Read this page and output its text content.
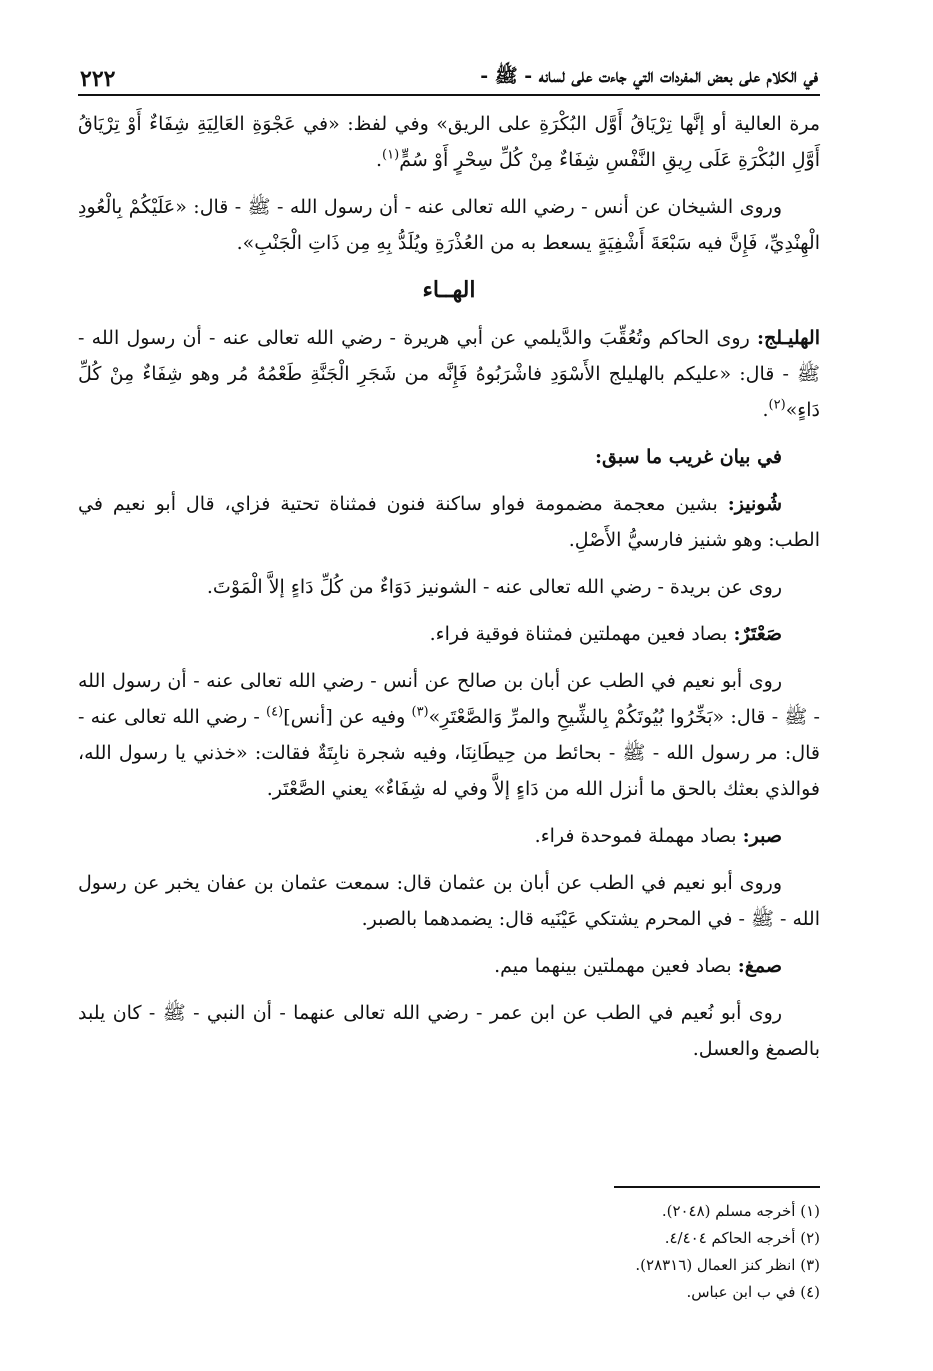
في الكلام على بعض المفردات التي جاءت على لسانه - ﷺ -
٢٢٢

مرة العالية أو إنَّها تِرْيَاقُ أَوَّل البُكْرَةِ على الريق» وفي لفظ: «في عَجْوَةِ العَالِيَةِ شِفَاءٌ أَوْ تِرْيَاقُ أَوَّلِ البُكْرَةِ عَلَى رِيقِ النَّفْسِ شِفَاءٌ مِنْ كُلِّ سِحْرٍ أَوْ سُمٍّ$^{(١)}$.

وروى الشيخان عن أنس - رضي الله تعالى عنه - أن رسول الله - ﷺ - قال: «عَلَيْكُمْ بِالْعُودِ الْهِنْدِيِّ، فَإِنَّ فيه سَبْعَةَ أَشْفِيَةٍ يسعط به من العُذْرَةِ ويُلَدُّ بِهِ مِن ذَاتِ الْجَنْبِ».

الهــاء

الهليـلج: روى الحاكم وتُعُقِّبَ والدَّيلمي عن أبي هريرة - رضي الله تعالى عنه - أن رسول الله - ﷺ - قال: «عليكم بالهليلج الأَسْوَدِ فاشْرَبُوهُ فَإِنَّه من شَجَرِ الْجَنَّةِ طَعْمُهُ مُر وهو شِفَاءٌ مِنْ كُلِّ دَاءٍ»$^{(٢)}$.

في بيان غريب ما سبق:

شُونيز: بشين معجمة مضمومة فواو ساكنة فنون فمثناة تحتية فزاي، قال أبو نعيم في الطب: وهو شنيز فارسيُّ الأَصْلِ.

روى عن بريدة - رضي الله تعالى عنه - الشونيز دَوَاءٌ من كُلِّ دَاءٍ إلاَّ الْمَوْتَ.

صَعْتَرٌ: بصاد فعين مهملتين فمثناة فوقية فراء.

روى أبو نعيم في الطب عن أبان بن صالح عن أنس - رضي الله تعالى عنه - أن رسول الله - ﷺ - قال: «بَخِّرُوا بُيُوتَكُمْ بِالشِّيحِ والمرِّ وَالصَّعْتَرِ»$^{(٣)}$ وفيه عن [أنس]$^{(٤)}$ - رضي الله تعالى عنه - قال: مر رسول الله - ﷺ - بحائط من حِيطَانِنَا، وفيه شجرة نابِتَةٌ فقالت: «خذني يا رسول الله، فوالذي بعثك بالحق ما أنزل الله من دَاءٍ إلاَّ وفي له شِفَاءٌ» يعني الصَّعْتَر.

صبر: بصاد مهملة فموحدة فراء.

وروى أبو نعيم في الطب عن أبان بن عثمان قال: سمعت عثمان بن عفان يخبر عن رسول الله - ﷺ - في المحرم يشتكي عَيْنَيه قال: يضمدهما بالصبر.

صمغ: بصاد فعين مهملتين بينهما ميم.

روى أبو نُعيم في الطب عن ابن عمر - رضي الله تعالى عنهما - أن النبي - ﷺ - كان يلبد بالصمغ والعسل.

(١) أخرجه مسلم (٢٠٤٨).
(٢) أخرجه الحاكم ٤/٤٠٤.
(٣) انظر كنز العمال (٢٨٣١٦).
(٤) في ب ابن عباس.
